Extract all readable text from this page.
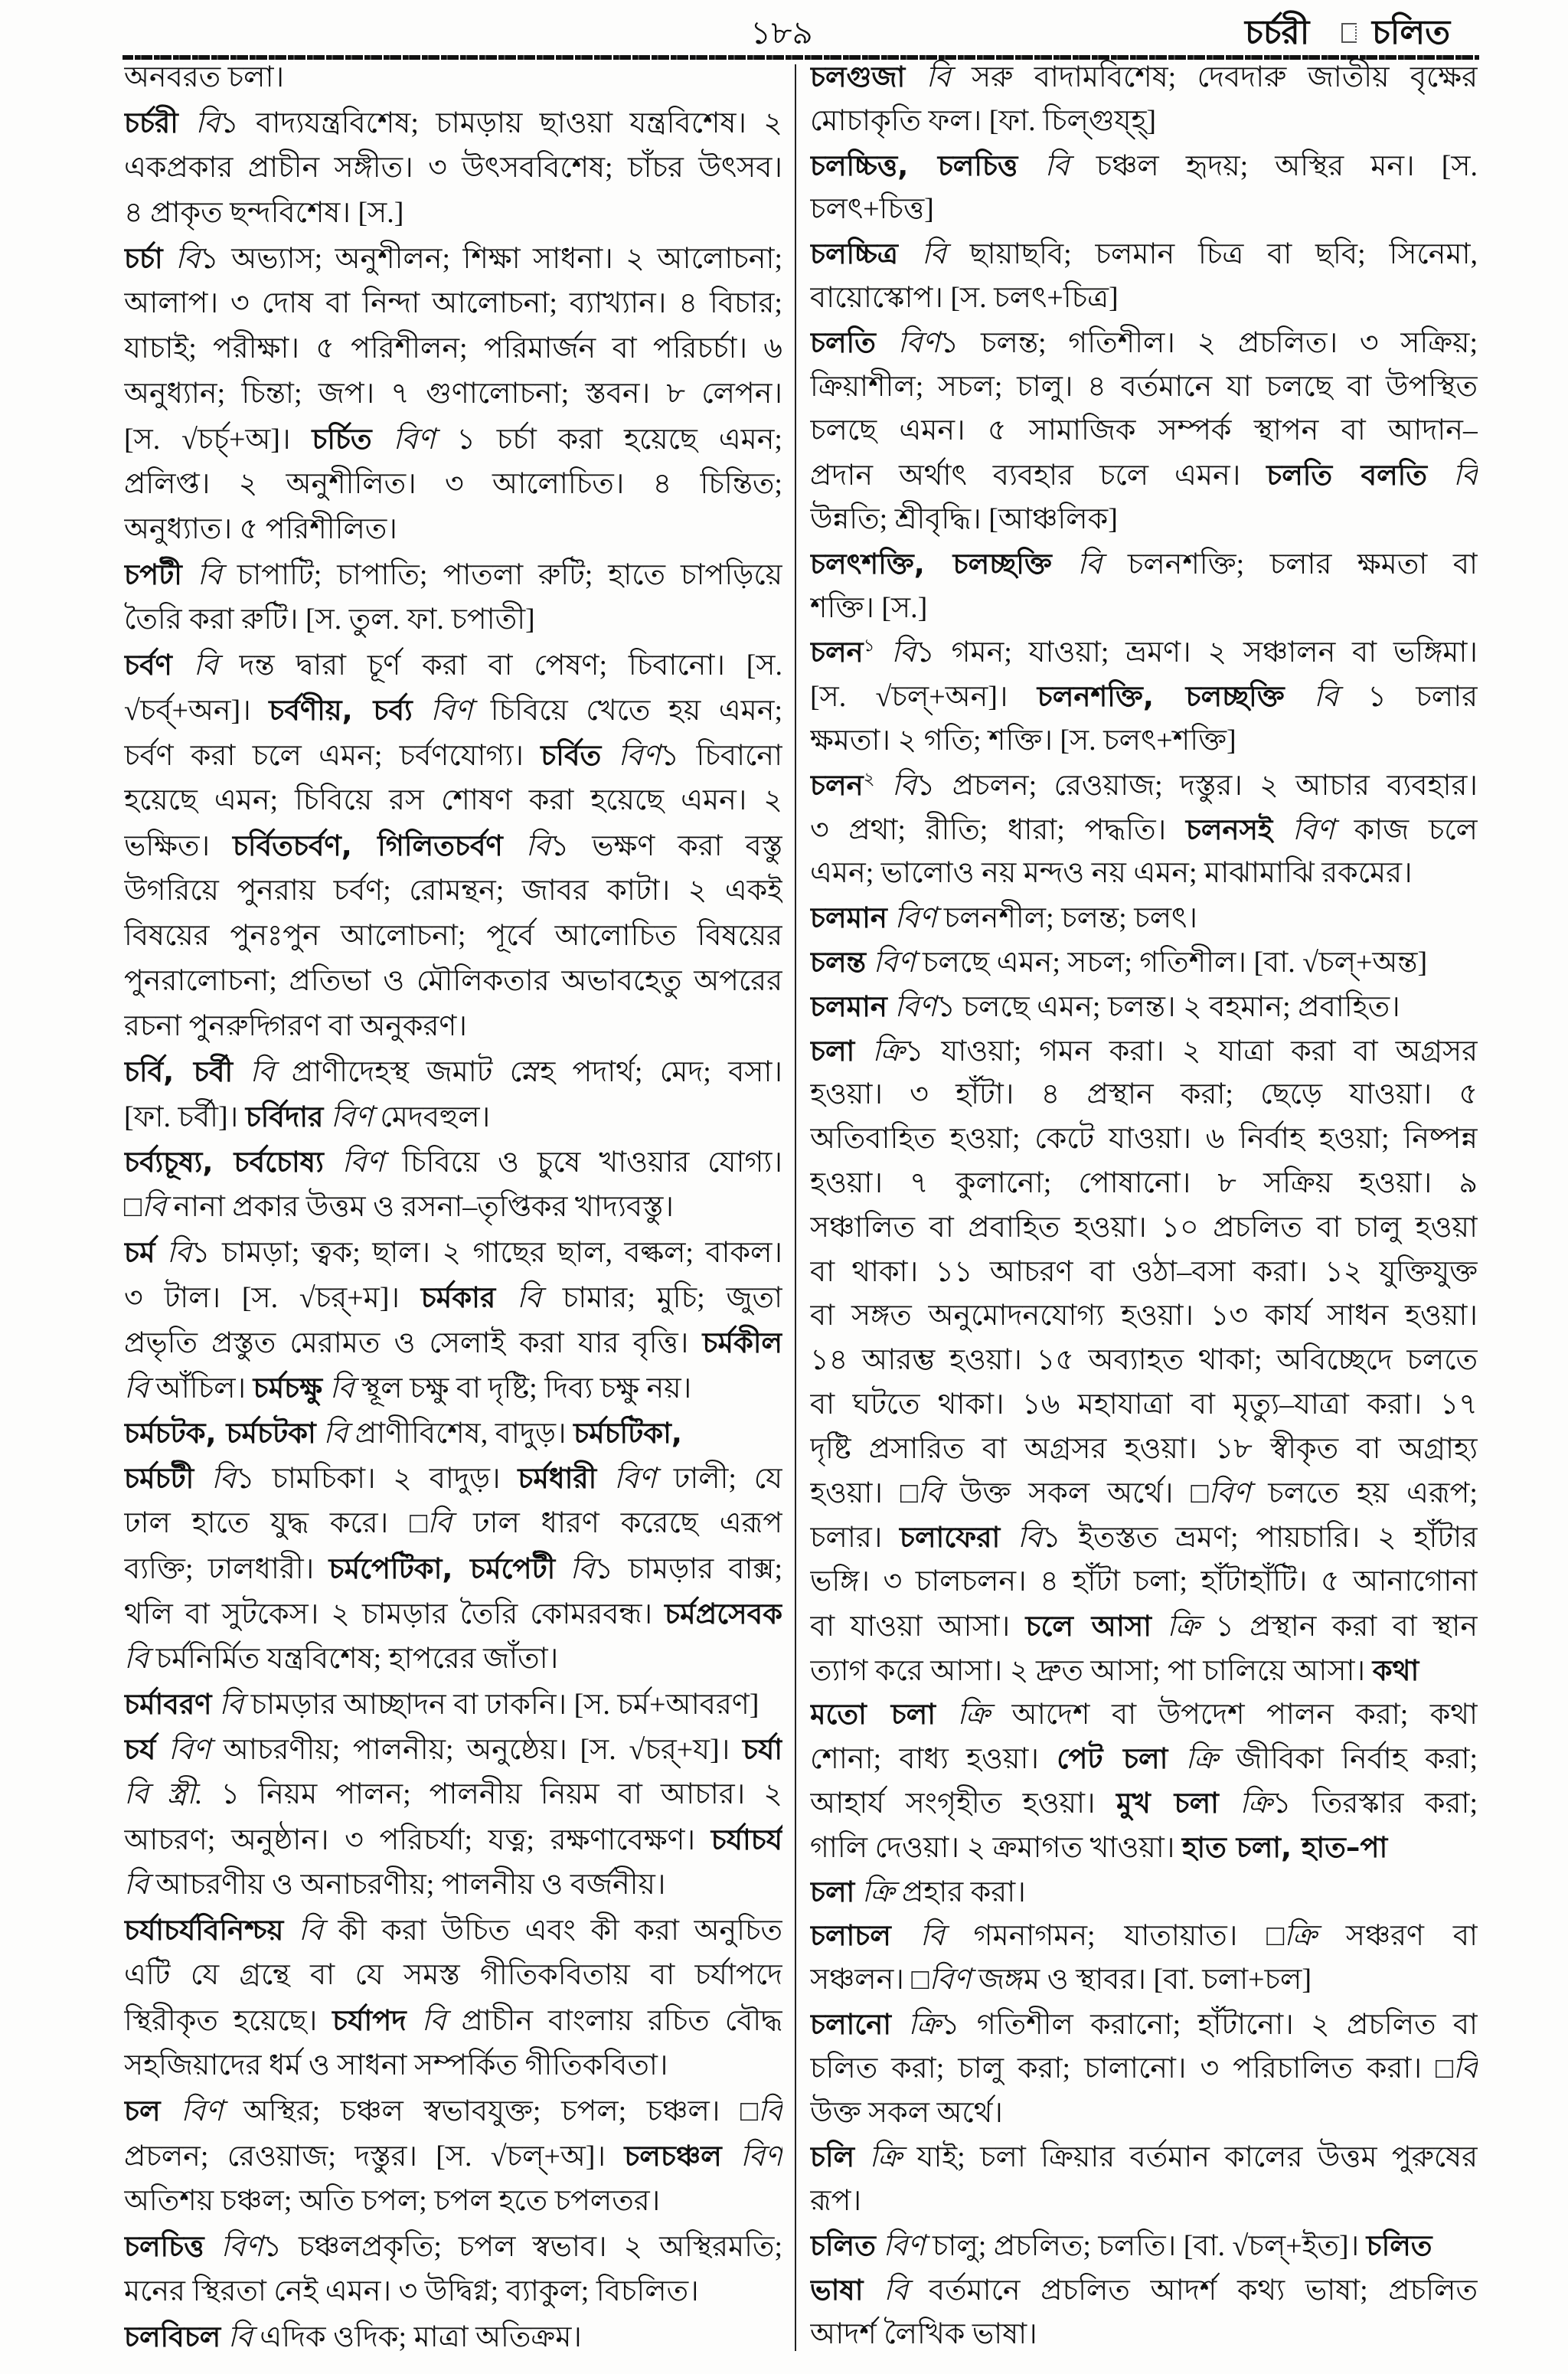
১৮৯	চর্চরী চলিত
অনবরত চলা।
চর্চরী বি১ বাদ্যযন্ত্রবিশেষ; চামড়ায় ছাওয়া যন্ত্রবিশেষ। ২
একপ্রকার প্রাচীন সঙ্গীত। ৩ উৎসববিশেষ; চাঁচর উৎসব।
৪ প্রাকৃত ছন্দবিশেষ। [স.]
চর্চা বি১ অভ্যাস; অনুশীলন; শিক্ষা সাধনা। ২ আলোচনা;
আলাপ। ৩ দোষ বা নিন্দা আলোচনা; ব্যাখ্যান। ৪ বিচার;
যাচাই; পরীক্ষা। ৫ পরিশীলন; পরিমার্জন বা পরিচর্চা। ৬
অনুধ্যান; চিন্তা; জপ। ৭ গুণালোচনা; স্তবন। ৮ লেপন।
[স. √চর্চ্+অ]। চর্চিত বিণ ১ চর্চা করা হয়েছে এমন;
প্রলিপ্ত। ২ অনুশীলিত। ৩ আলোচিত। ৪ চিন্তিত;
অনুধ্যাত। ৫ পরিশীলিত।
চপটী বি চাপাটি; চাপাতি; পাতলা রুটি; হাতে চাপড়িয়ে
তৈরি করা রুটি। [স. তুল. ফা. চপাতী]
চর্বণ বি দন্ত দ্বারা চূর্ণ করা বা পেষণ; চিবানো। [স.
√চর্ব্+অন]। চর্বণীয়, চর্ব্য বিণ চিবিয়ে খেতে হয় এমন;
চর্বণ করা চলে এমন; চর্বণযোগ্য। চর্বিত বিণ১ চিবানো
হয়েছে এমন; চিবিয়ে রস শোষণ করা হয়েছে এমন। ২
ভক্ষিত। চর্বিতচর্বণ, গিলিতচর্বণ বি১ ভক্ষণ করা বস্তু
উগরিয়ে পুনরায় চর্বণ; রোমন্থন; জাবর কাটা। ২ একই
বিষয়ের পুনঃপুন আলোচনা; পূর্বে আলোচিত বিষয়ের
পুনরালোচনা; প্রতিভা ও মৌলিকতার অভাবহেতু অপরের
রচনা পুনরুদ্গিরণ বা অনুকরণ।
চর্বি, চর্বী বি প্রাণীদেহস্থ জমাট স্নেহ পদার্থ; মেদ; বসা।
[ফা. চর্বী]। চর্বিদার বিণ মেদবহুল।
চর্ব্যচূষ্য, চর্বচোষ্য বিণ চিবিয়ে ও চুষে খাওয়ার যোগ্য।
□বি নানা প্রকার উত্তম ও রসনা–তৃপ্তিকর খাদ্যবস্তু।
চর্ম বি১ চামড়া; ত্বক; ছাল। ২ গাছের ছাল, বল্কল; বাকল।
৩ টাল। [স. √চর্+ম]। চর্মকার বি চামার; মুচি; জুতা
প্রভৃতি প্রস্তুত মেরামত ও সেলাই করা যার বৃত্তি। চর্মকীল
বি আঁচিল। চর্মচক্ষু বি স্থূল চক্ষু বা দৃষ্টি; দিব্য চক্ষু নয়।
চর্মচটক, চর্মচটকা বি প্রাণীবিশেষ, বাদুড়। চর্মচটিকা,
চর্মচটী বি১ চামচিকা। ২ বাদুড়। চর্মধারী বিণ ঢালী; যে
ঢাল হাতে যুদ্ধ করে। □বি ঢাল ধারণ করেছে এরূপ
ব্যক্তি; ঢালধারী। চর্মপেটিকা, চর্মপেটী বি১ চামড়ার বাক্স;
থলি বা সুটকেস। ২ চামড়ার তৈরি কোমরবন্ধ। চর্মপ্রসেবক
বি চর্মনির্মিত যন্ত্রবিশেষ; হাপরের জাঁতা।
চর্মাবরণ বি চামড়ার আচ্ছাদন বা ঢাকনি। [স. চর্ম+আবরণ]
চর্য বিণ আচরণীয়; পালনীয়; অনুষ্ঠেয়। [স. √চর্+য]। চর্যা
বি স্ত্রী. ১ নিয়ম পালন; পালনীয় নিয়ম বা আচার। ২
আচরণ; অনুষ্ঠান। ৩ পরিচর্যা; যত্ন; রক্ষণাবেক্ষণ। চর্যাচর্য
বি আচরণীয় ও অনাচরণীয়; পালনীয় ও বর্জনীয়।
চর্যাচর্যবিনিশ্চয় বি কী করা উচিত এবং কী করা অনুচিত
এটি যে গ্রন্থে বা যে সমস্ত গীতিকবিতায় বা চর্যাপদে
স্থিরীকৃত হয়েছে। চর্যাপদ বি প্রাচীন বাংলায় রচিত বৌদ্ধ
সহজিয়াদের ধর্ম ও সাধনা সম্পর্কিত গীতিকবিতা।
চল বিণ অস্থির; চঞ্চল স্বভাবযুক্ত; চপল; চঞ্চল। □বি
প্রচলন; রেওয়াজ; দস্তুর। [স. √চল্+অ]। চলচঞ্চল বিণ
অতিশয় চঞ্চল; অতি চপল; চপল হতে চপলতর।
চলচিত্ত বিণ১ চঞ্চলপ্রকৃতি; চপল স্বভাব। ২ অস্থিরমতি;
মনের স্থিরতা নেই এমন। ৩ উদ্বিগ্ন; ব্যাকুল; বিচলিত।
চলবিচল বি এদিক ওদিক; মাত্রা অতিক্রম।
চলগুজা বি সরু বাদামবিশেষ; দেবদারু জাতীয় বৃক্ষের
মোচাকৃতি ফল। [ফা. চিল্গুয্হ্]
চলচ্চিত্ত, চলচিত্ত বি চঞ্চল হৃদয়; অস্থির মন। [স.
চলৎ+চিত্ত]
চলচ্চিত্র বি ছায়াছবি; চলমান চিত্র বা ছবি; সিনেমা,
বায়োস্কোপ। [স. চলৎ+চিত্র]
চলতি বিণ১ চলন্ত; গতিশীল। ২ প্রচলিত। ৩ সক্রিয়;
ক্রিয়াশীল; সচল; চালু। ৪ বর্তমানে যা চলছে বা উপস্থিত
চলছে এমন। ৫ সামাজিক সম্পর্ক স্থাপন বা আদান–
প্রদান অর্থাৎ ব্যবহার চলে এমন। চলতি বলতি বি
উন্নতি; শ্রীবৃদ্ধি। [আঞ্চলিক]
চলৎশক্তি, চলচ্ছক্তি বি চলনশক্তি; চলার ক্ষমতা বা
শক্তি। [স.]
চলন$^১$ বি১ গমন; যাওয়া; ভ্রমণ। ২ সঞ্চালন বা ভঙ্গিমা।
[স. √চল্+অন]। চলনশক্তি, চলচ্ছক্তি বি ১ চলার
ক্ষমতা। ২ গতি; শক্তি। [স. চলৎ+শক্তি]
চলন$^২$ বি১ প্রচলন; রেওয়াজ; দস্তুর। ২ আচার ব্যবহার।
৩ প্রথা; রীতি; ধারা; পদ্ধতি। চলনসই বিণ কাজ চলে
এমন; ভালোও নয় মন্দও নয় এমন; মাঝামাঝি রকমের।
চলমান বিণ চলনশীল; চলন্ত; চলৎ।
চলন্ত বিণ চলছে এমন; সচল; গতিশীল। [বা. √চল্+অন্ত]
চলমান বিণ১ চলছে এমন; চলন্ত। ২ বহমান; প্রবাহিত।
চলা ক্রি১ যাওয়া; গমন করা। ২ যাত্রা করা বা অগ্রসর
হওয়া। ৩ হাঁটা। ৪ প্রস্থান করা; ছেড়ে যাওয়া। ৫
অতিবাহিত হওয়া; কেটে যাওয়া। ৬ নির্বাহ হওয়া; নিষ্পন্ন
হওয়া। ৭ কুলানো; পোষানো। ৮ সক্রিয় হওয়া। ৯
সঞ্চালিত বা প্রবাহিত হওয়া। ১০ প্রচলিত বা চালু হওয়া
বা থাকা। ১১ আচরণ বা ওঠা–বসা করা। ১২ যুক্তিযুক্ত
বা সঙ্গত অনুমোদনযোগ্য হওয়া। ১৩ কার্য সাধন হওয়া।
১৪ আরম্ভ হওয়া। ১৫ অব্যাহত থাকা; অবিচ্ছেদে চলতে
বা ঘটতে থাকা। ১৬ মহাযাত্রা বা মৃত্যু–যাত্রা করা। ১৭
দৃষ্টি প্রসারিত বা অগ্রসর হওয়া। ১৮ স্বীকৃত বা অগ্রাহ্য
হওয়া। □বি উক্ত সকল অর্থে। □বিণ চলতে হয় এরূপ;
চলার। চলাফেরা বি১ ইতস্তত ভ্রমণ; পায়চারি। ২ হাঁটার
ভঙ্গি। ৩ চালচলন। ৪ হাঁটা চলা; হাঁটাহাঁটি। ৫ আনাগোনা
বা যাওয়া আসা। চলে আসা ক্রি ১ প্রস্থান করা বা স্থান
ত্যাগ করে আসা। ২ দ্রুত আসা; পা চালিয়ে আসা। কথা
মতো চলা ক্রি আদেশ বা উপদেশ পালন করা; কথা
শোনা; বাধ্য হওয়া। পেট চলা ক্রি জীবিকা নির্বাহ করা;
আহার্য সংগৃহীত হওয়া। মুখ চলা ক্রি১ তিরস্কার করা;
গালি দেওয়া। ২ ক্রমাগত খাওয়া। হাত চলা, হাত–পা
চলা ক্রি প্রহার করা।
চলাচল বি গমনাগমন; যাতায়াত। □ক্রি সঞ্চরণ বা
সঞ্চলন। □বিণ জঙ্গম ও স্থাবর। [বা. চলা+চল]
চলানো ক্রি১ গতিশীল করানো; হাঁটানো। ২ প্রচলিত বা
চলিত করা; চালু করা; চালানো। ৩ পরিচালিত করা। □বি
উক্ত সকল অর্থে।
চলি ক্রি যাই; চলা ক্রিয়ার বর্তমান কালের উত্তম পুরুষের
রূপ।
চলিত বিণ চালু; প্রচলিত; চলতি। [বা. √চল্+ইত]। চলিত
ভাষা বি বর্তমানে প্রচলিত আদর্শ কথ্য ভাষা; প্রচলিত
আদর্শ লৈখিক ভাষা।
